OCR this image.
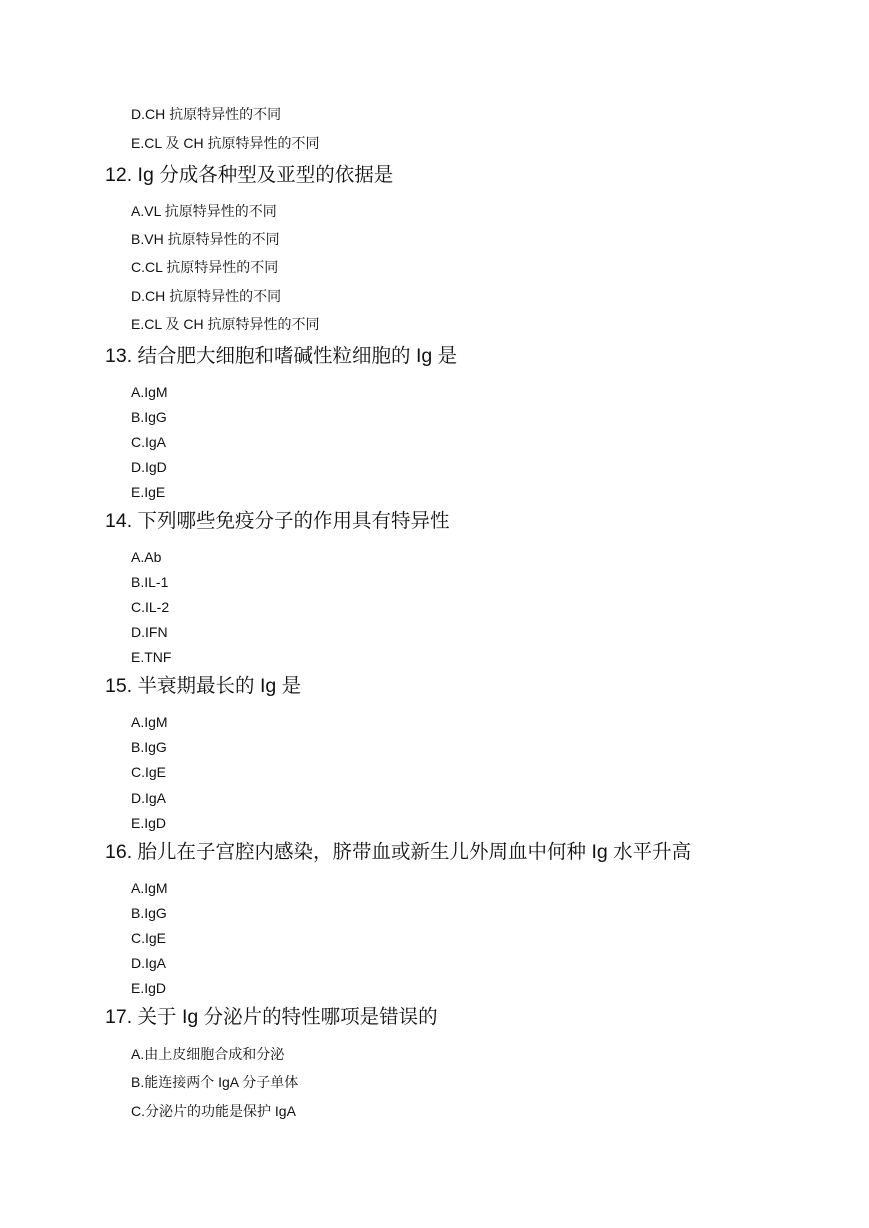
D.CH 抗原特异性的不同
E.CL 及 CH 抗原特异性的不同
12. Ig 分成各种型及亚型的依据是
A.VL 抗原特异性的不同
B.VH 抗原特异性的不同
C.CL 抗原特异性的不同
D.CH 抗原特异性的不同
E.CL 及 CH 抗原特异性的不同
13. 结合肥大细胞和嗜碱性粒细胞的 Ig 是
A.IgM
B.IgG
C.IgA
D.IgD
E.IgE
14. 下列哪些免疫分子的作用具有特异性
A.Ab
B.IL-1
C.IL-2
D.IFN
E.TNF
15. 半衰期最长的 Ig 是
A.IgM
B.IgG
C.IgE
D.IgA
E.IgD
16. 胎儿在子宫腔内感染，脐带血或新生儿外周血中何种 Ig 水平升高
A.IgM
B.IgG
C.IgE
D.IgA
E.IgD
17. 关于 Ig 分泌片的特性哪项是错误的
A.由上皮细胞合成和分泌
B.能连接两个 IgA 分子单体
C.分泌片的功能是保护 IgA
